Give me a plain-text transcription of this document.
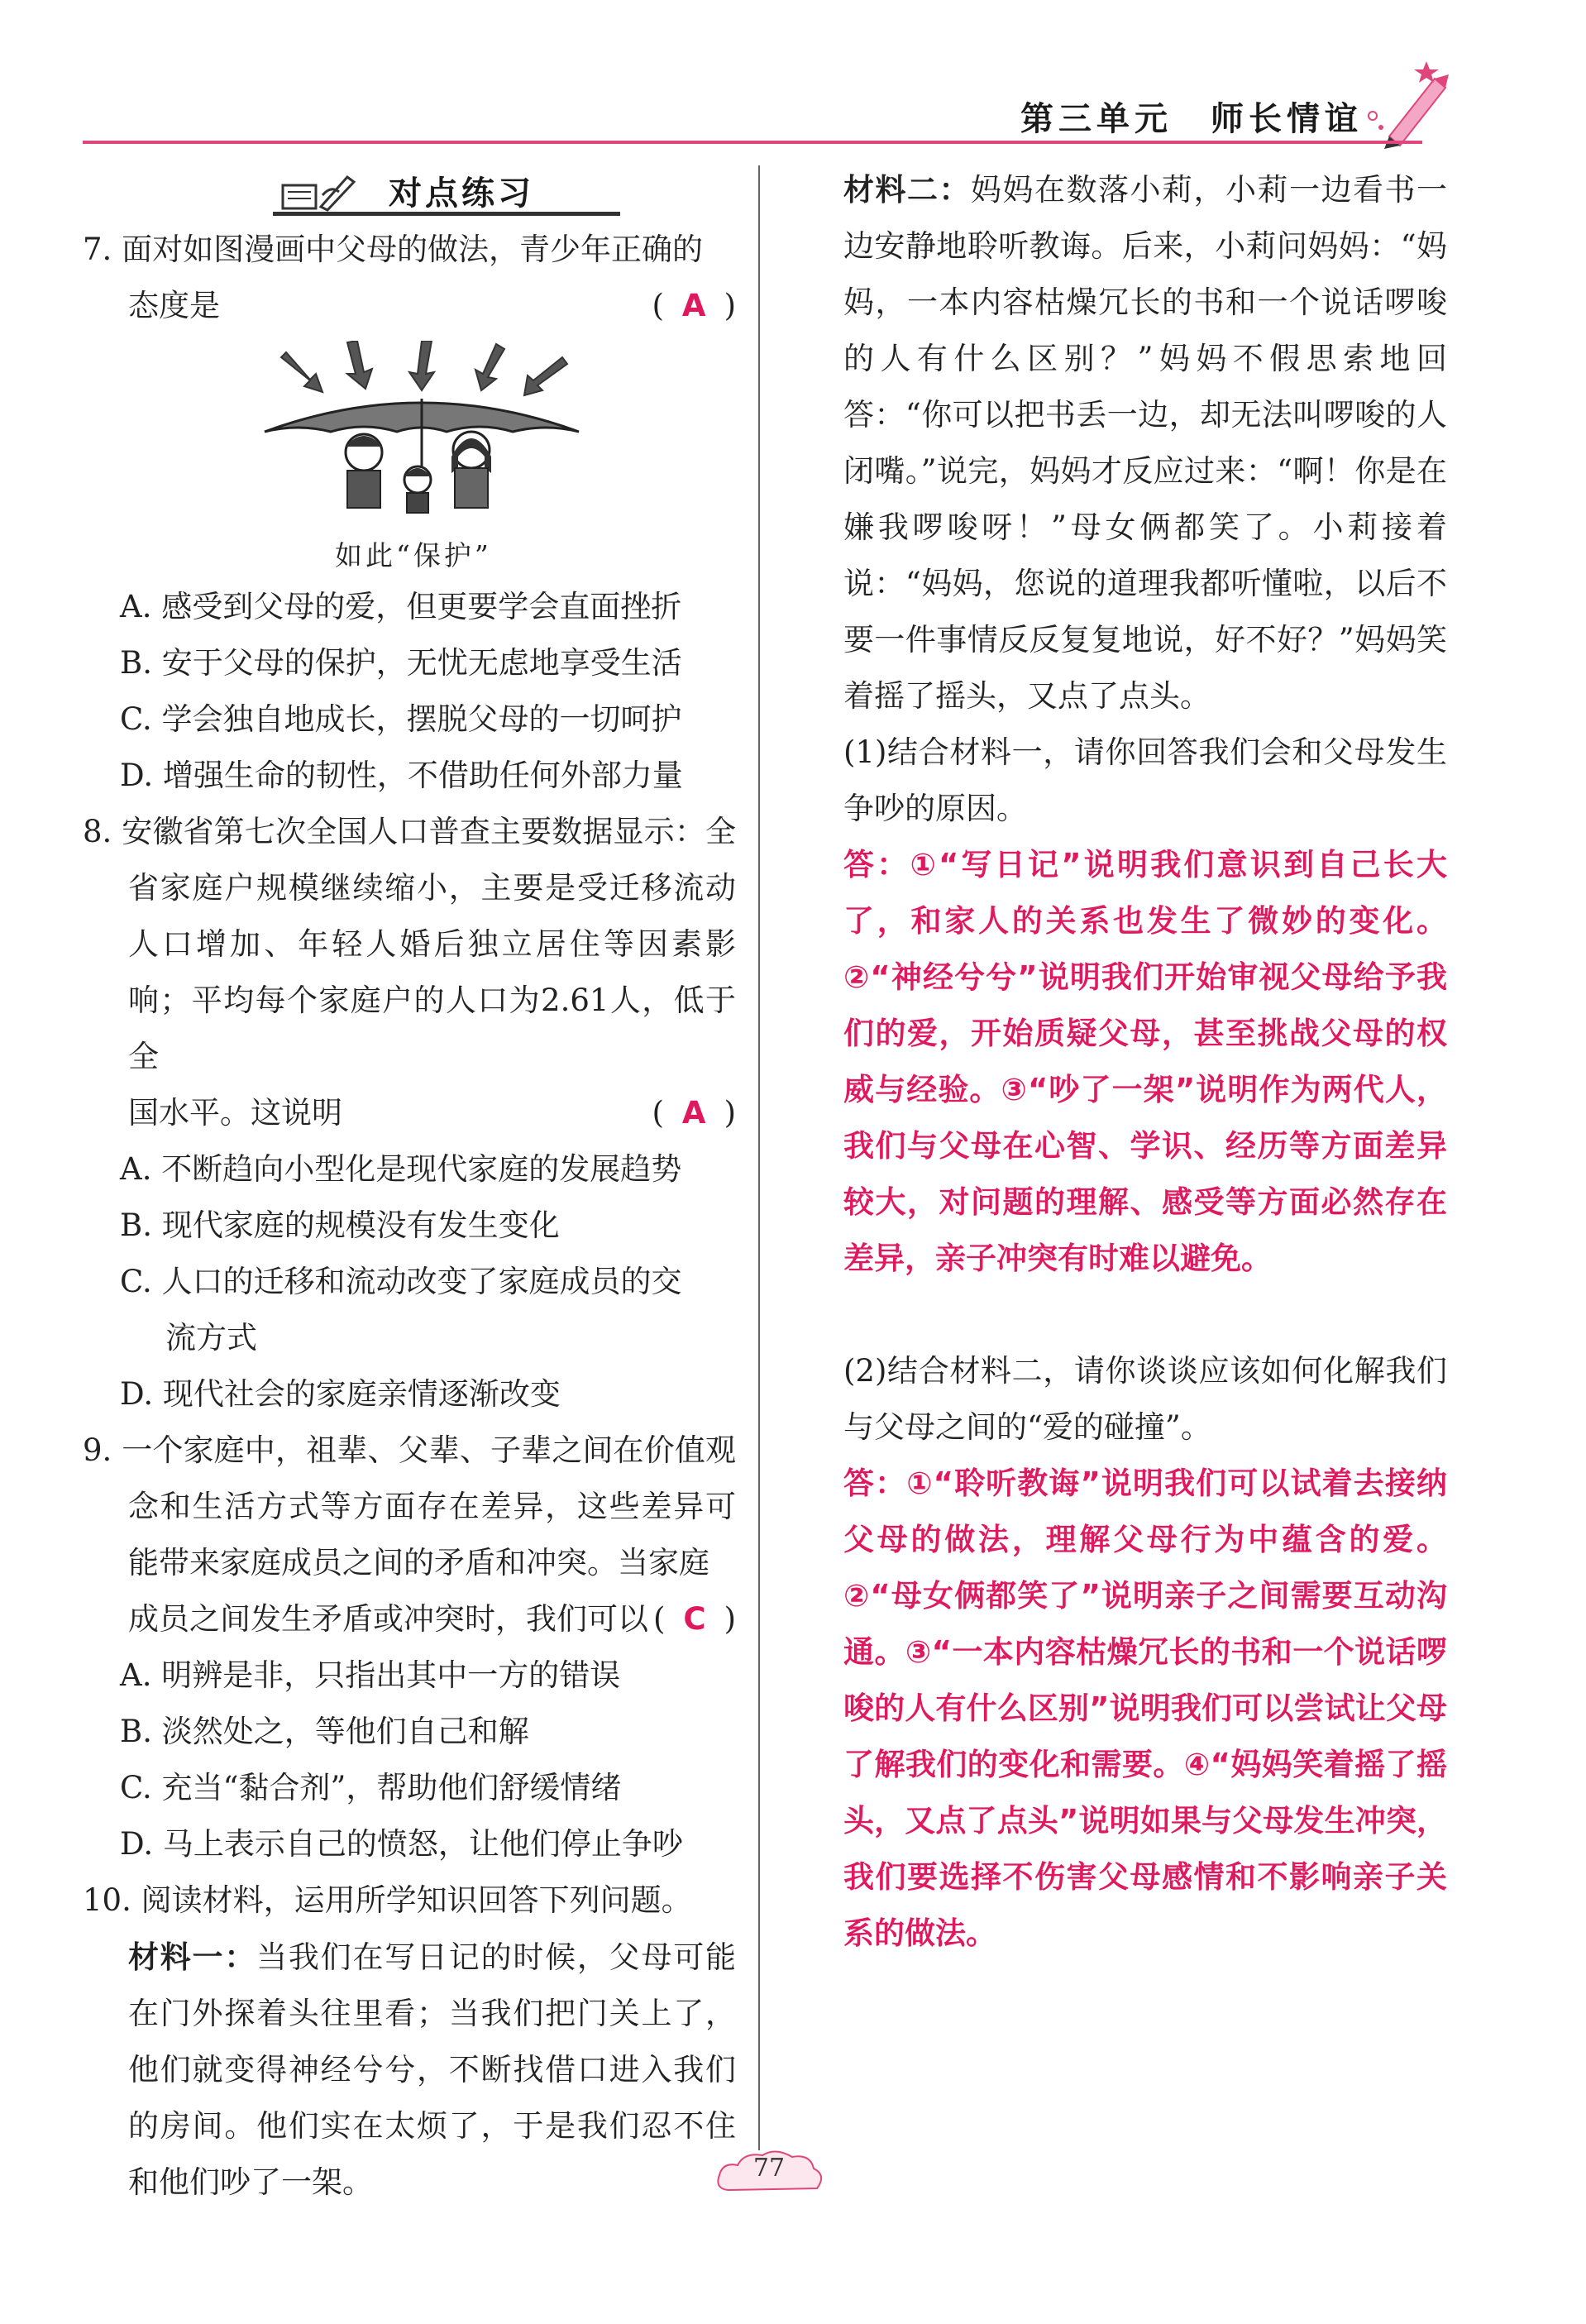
第三单元　师长情谊
对点练习
7. 面对如图漫画中父母的做法，青少年正确的
态度是	( A )
如此“保护”
A. 感受到父母的爱，但更要学会直面挫折
B. 安于父母的保护，无忧无虑地享受生活
C. 学会独自地成长，摆脱父母的一切呵护
D. 增强生命的韧性，不借助任何外部力量
8. 安徽省第七次全国人口普查主要数据显示：全省家庭户规模继续缩小，主要是受迁移流动人口增加、年轻人婚后独立居住等因素影响；平均每个家庭户的人口为2.61人，低于全
国水平。这说明	( A )
A. 不断趋向小型化是现代家庭的发展趋势
B. 现代家庭的规模没有发生变化
C. 人口的迁移和流动改变了家庭成员的交
流方式
D. 现代社会的家庭亲情逐渐改变
9. 一个家庭中，祖辈、父辈、子辈之间在价值观念和生活方式等方面存在差异，这些差异可能带来家庭成员之间的矛盾和冲突。当家庭
成员之间发生矛盾或冲突时，我们可以 ( C )
A. 明辨是非，只指出其中一方的错误
B. 淡然处之，等他们自己和解
C. 充当“黏合剂”，帮助他们舒缓情绪
D. 马上表示自己的愤怒，让他们停止争吵
10. 阅读材料，运用所学知识回答下列问题。
材料一：当我们在写日记的时候，父母可能在门外探着头往里看；当我们把门关上了，他们就变得神经兮兮，不断找借口进入我们的房间。他们实在太烦了，于是我们忍不住和他们吵了一架。
材料二：妈妈在数落小莉，小莉一边看书一边安静地聆听教诲。后来，小莉问妈妈：“妈妈，一本内容枯燥冗长的书和一个说话啰唆的人有什么区别？”妈妈不假思索地回答：“你可以把书丢一边，却无法叫啰唆的人闭嘴。”说完，妈妈才反应过来：“啊！你是在嫌我啰唆呀！”母女俩都笑了。小莉接着说：“妈妈，您说的道理我都听懂啦，以后不要一件事情反反复复地说，好不好？”妈妈笑着摇了摇头，又点了点头。
(1)结合材料一，请你回答我们会和父母发生争吵的原因。
答：①“写日记”说明我们意识到自己长大了，和家人的关系也发生了微妙的变化。②“神经兮兮”说明我们开始审视父母给予我们的爱，开始质疑父母，甚至挑战父母的权威与经验。③“吵了一架”说明作为两代人，我们与父母在心智、学识、经历等方面差异较大，对问题的理解、感受等方面必然存在差异，亲子冲突有时难以避免。
(2)结合材料二，请你谈谈应该如何化解我们与父母之间的“爱的碰撞”。
答：①“聆听教诲”说明我们可以试着去接纳父母的做法，理解父母行为中蕴含的爱。②“母女俩都笑了”说明亲子之间需要互动沟通。③“一本内容枯燥冗长的书和一个说话啰唆的人有什么区别”说明我们可以尝试让父母了解我们的变化和需要。④“妈妈笑着摇了摇头，又点了点头”说明如果与父母发生冲突，我们要选择不伤害父母感情和不影响亲子关系的做法。
77
